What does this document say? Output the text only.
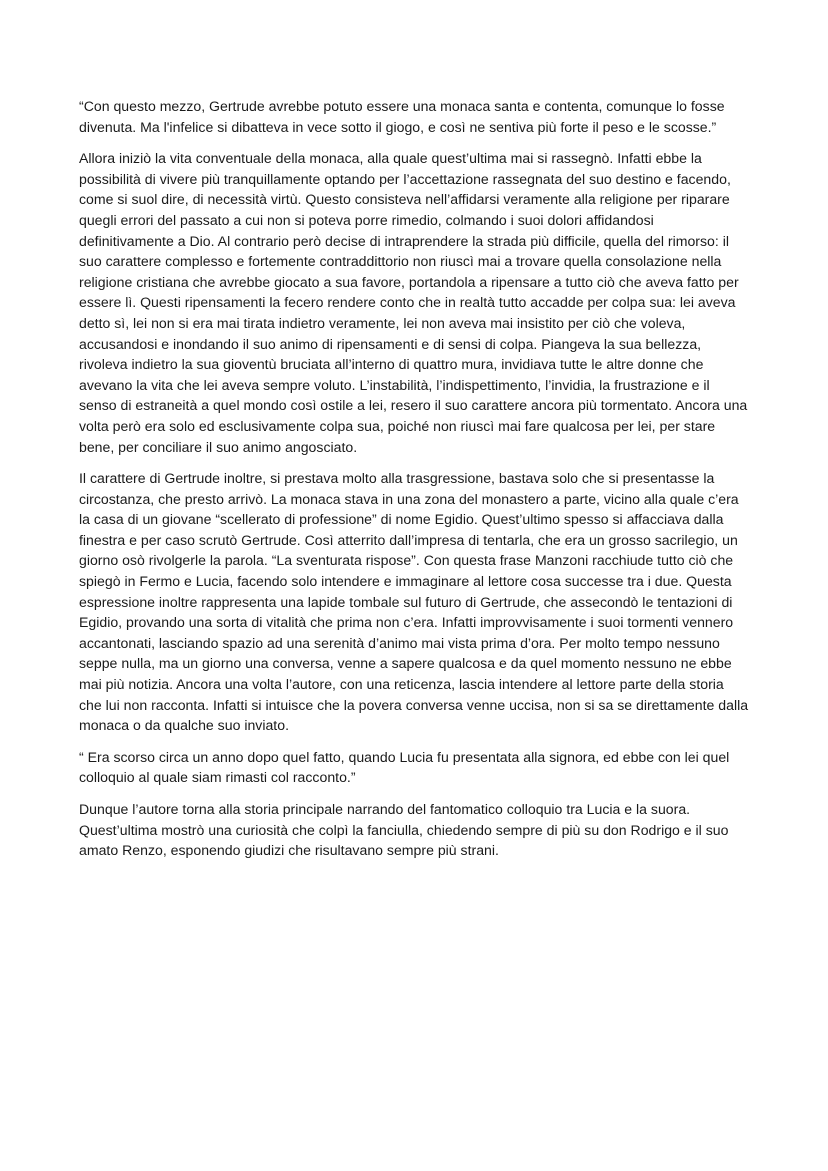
“Con questo mezzo, Gertrude avrebbe potuto essere una monaca santa e contenta, comunque lo fosse divenuta. Ma l'infelice si dibatteva in vece sotto il giogo, e così ne sentiva più forte il peso e le scosse.”

Allora iniziò la vita conventuale della monaca, alla quale quest’ultima mai si rassegnò. Infatti ebbe la possibilità di vivere più tranquillamente optando per l’accettazione rassegnata del suo destino e facendo, come si suol dire, di necessità virtù. Questo consisteva nell’affidarsi veramente alla religione per riparare quegli errori del passato a cui non si poteva porre rimedio, colmando i suoi dolori affidandosi definitivamente a Dio. Al contrario però decise di intraprendere la strada più difficile, quella del rimorso: il suo carattere complesso e fortemente contraddittorio non riuscì mai a trovare quella consolazione nella religione cristiana che avrebbe giocato a sua favore, portandola a ripensare a tutto ciò che aveva fatto per essere lì. Questi ripensamenti la fecero rendere conto che in realtà tutto accadde per colpa sua: lei aveva detto sì, lei non si era mai tirata indietro veramente, lei non aveva mai insistito per ciò che voleva, accusandosi e inondando il suo animo di ripensamenti e di sensi di colpa. Piangeva la sua bellezza, rivoleva indietro la sua gioventù bruciata all’interno di quattro mura, invidiava tutte le altre donne che avevano la vita che lei aveva sempre voluto. L’instabilità, l’indispettimento, l’invidia, la frustrazione e il senso di estraneità a quel mondo così ostile a lei, resero il suo carattere ancora più tormentato. Ancora una volta però era solo ed esclusivamente colpa sua, poiché non riuscì mai fare qualcosa per lei, per stare bene, per conciliare il suo animo angosciato.

Il carattere di Gertrude inoltre, si prestava molto alla trasgressione, bastava solo che si presentasse la circostanza, che presto arrivò. La monaca stava in una zona del monastero a parte, vicino alla quale c’era la casa di un giovane “scellerato di professione” di nome Egidio. Quest’ultimo spesso si affacciava dalla finestra e per caso scrutò Gertrude. Così atterrito dall’impresa di tentarla, che era un grosso sacrilegio, un giorno osò rivolgerle la parola. “La sventurata rispose”. Con questa frase Manzoni racchiude tutto ciò che spiegò in Fermo e Lucia, facendo solo intendere e immaginare al lettore cosa successe tra i due. Questa espressione inoltre rappresenta una lapide tombale sul futuro di Gertrude, che assecondò le tentazioni di Egidio, provando una sorta di vitalità che prima non c’era. Infatti improvvisamente i suoi tormenti vennero accantonati, lasciando spazio ad una serenità d’animo mai vista prima d’ora. Per molto tempo nessuno seppe nulla, ma un giorno una conversa, venne a sapere qualcosa e da quel momento nessuno ne ebbe mai più notizia. Ancora una volta l’autore, con una reticenza, lascia intendere al lettore parte della storia che lui non racconta. Infatti si intuisce che la povera conversa venne uccisa, non si sa se direttamente dalla monaca o da qualche suo inviato.

“ Era scorso circa un anno dopo quel fatto, quando Lucia fu presentata alla signora, ed ebbe con lei quel colloquio al quale siam rimasti col racconto.”

Dunque l’autore torna alla storia principale narrando del fantomatico colloquio tra Lucia e la suora. Quest’ultima mostrò una curiosità che colpì la fanciulla, chiedendo sempre di più su don Rodrigo e il suo amato Renzo, esponendo giudizi che risultavano sempre più strani.
